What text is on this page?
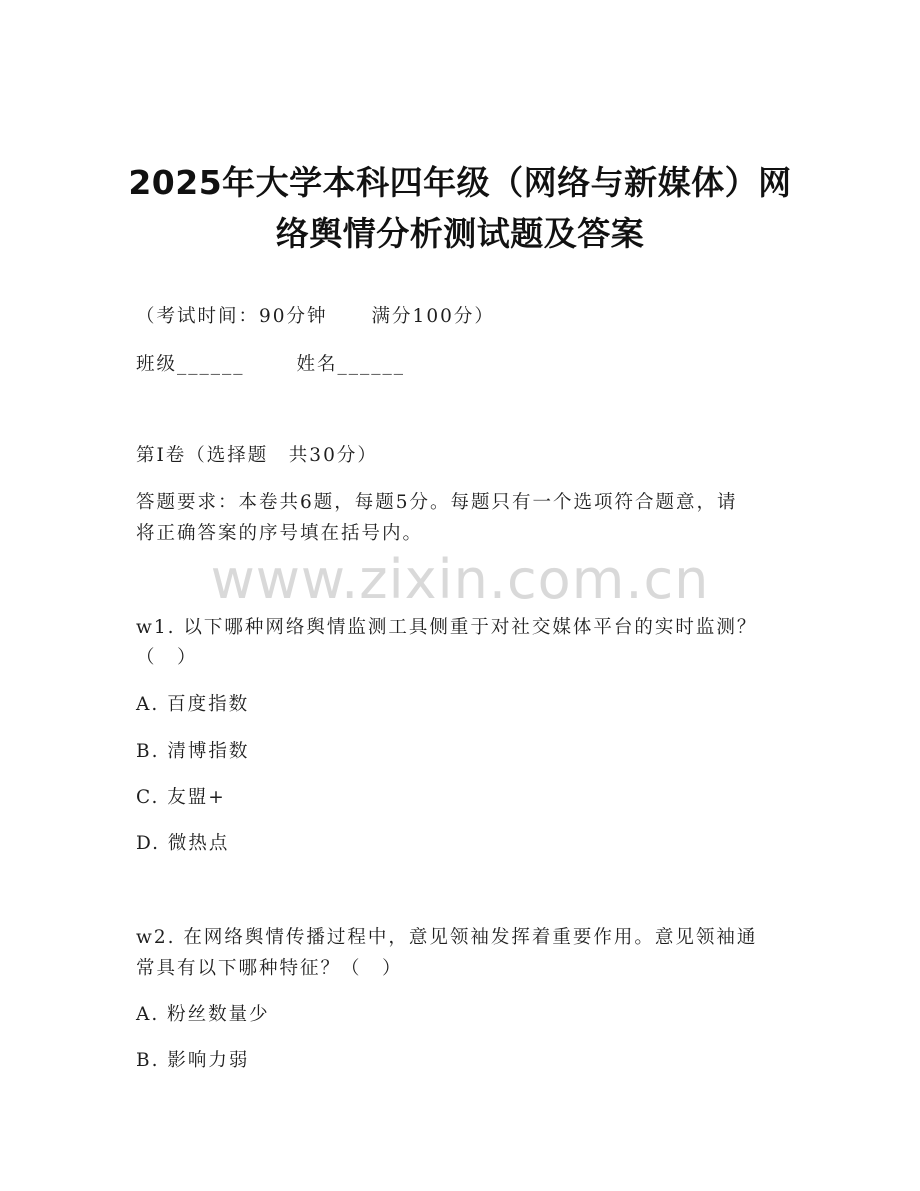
2025年大学本科四年级（网络与新媒体）网
络舆情分析测试题及答案
（考试时间：90分钟 满分100分）
班级______	姓名______
第I卷（选择题　共30分）
答题要求：本卷共6题，每题5分。每题只有一个选项符合题意，请
将正确答案的序号填在括号内。
www.zixin.com.cn
w1. 以下哪种网络舆情监测工具侧重于对社交媒体平台的实时监测？
（　）
A. 百度指数
B. 清博指数
C. 友盟+
D. 微热点
w2. 在网络舆情传播过程中，意见领袖发挥着重要作用。意见领袖通
常具有以下哪种特征？（　）
A. 粉丝数量少
B. 影响力弱
